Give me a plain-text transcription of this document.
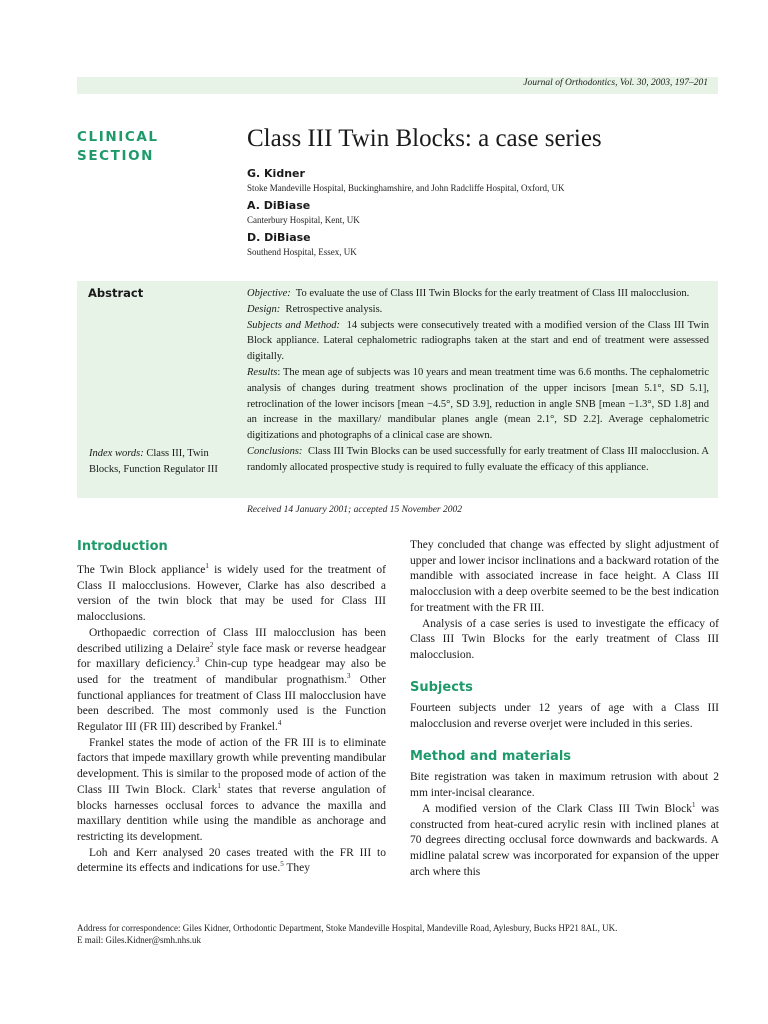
Journal of Orthodontics, Vol. 30, 2003, 197–201
CLINICAL
SECTION
Class III Twin Blocks: a case series
G. Kidner
Stoke Mandeville Hospital, Buckinghamshire, and John Radcliffe Hospital, Oxford, UK
A. DiBiase
Canterbury Hospital, Kent, UK
D. DiBiase
Southend Hospital, Essex, UK
Abstract	Objective: To evaluate the use of Class III Twin Blocks for the early treatment of Class III malocclusion.

Design: Retrospective analysis.

Subjects and Method: 14 subjects were consecutively treated with a modified version of the Class III Twin Block appliance. Lateral cephalometric radiographs taken at the start and end of treatment were assessed digitally.

Results: The mean age of subjects was 10 years and mean treatment time was 6.6 months. The cephalometric analysis of changes during treatment shows proclination of the upper incisors [mean 5.1°, SD 5.1], retroclination of the lower incisors [mean −4.5°, SD 3.9], reduction in angle SNB [mean −1.3°, SD 1.8] and an increase in the maxillary/ mandibular planes angle (mean 2.1°, SD 2.2]. Average cephalometric digitizations and photographs of a clinical case are shown.

Conclusions: Class III Twin Blocks can be used successfully for early treatment of Class III malocclusion. A randomly allocated prospective study is required to fully evaluate the efficacy of this appliance.

Index words: Class III, Twin Blocks, Function Regulator III
Received 14 January 2001; accepted 15 November 2002
Introduction

The Twin Block appliance$^1$ is widely used for the treatment of Class II malocclusions. However, Clarke has also described a version of the twin block that may be used for Class III malocclusions.

Orthopaedic correction of Class III malocclusion has been described utilizing a Delaire$^2$ style face mask or reverse headgear for maxillary deficiency.$^3$ Chin-cup type headgear may also be used for the treatment of mandibular prognathism.$^3$ Other functional appliances for treatment of Class III malocclusion have been described. The most commonly used is the Function Regulator III (FR III) described by Frankel.$^4$

Frankel states the mode of action of the FR III is to eliminate factors that impede maxillary growth while preventing mandibular development. This is similar to the proposed mode of action of the Class III Twin Block. Clark$^1$ states that reverse angulation of blocks harnesses occlusal forces to advance the maxilla and maxillary dentition while using the mandible as anchorage and restricting its development.

Loh and Kerr analysed 20 cases treated with the FR III to determine its effects and indications for use.$^5$ They

They concluded that change was effected by slight adjustment of upper and lower incisor inclinations and a backward rotation of the mandible with associated increase in face height. A Class III malocclusion with a deep overbite seemed to be the best indication for treatment with the FR III.

Analysis of a case series is used to investigate the efficacy of Class III Twin Blocks for the early treatment of Class III malocclusion.

Subjects

Fourteen subjects under 12 years of age with a Class III malocclusion and reverse overjet were included in this series.

Method and materials

Bite registration was taken in maximum retrusion with about 2 mm inter-incisal clearance.

A modified version of the Clark Class III Twin Block$^1$ was constructed from heat-cured acrylic resin with inclined planes at 70 degrees directing occlusal force downwards and backwards. A midline palatal screw was incorporated for expansion of the upper arch where this

Address for correspondence: Giles Kidner, Orthodontic Department, Stoke Mandeville Hospital, Mandeville Road, Aylesbury, Bucks HP21 8AL, UK.
E mail: Giles.Kidner@smh.nhs.uk
